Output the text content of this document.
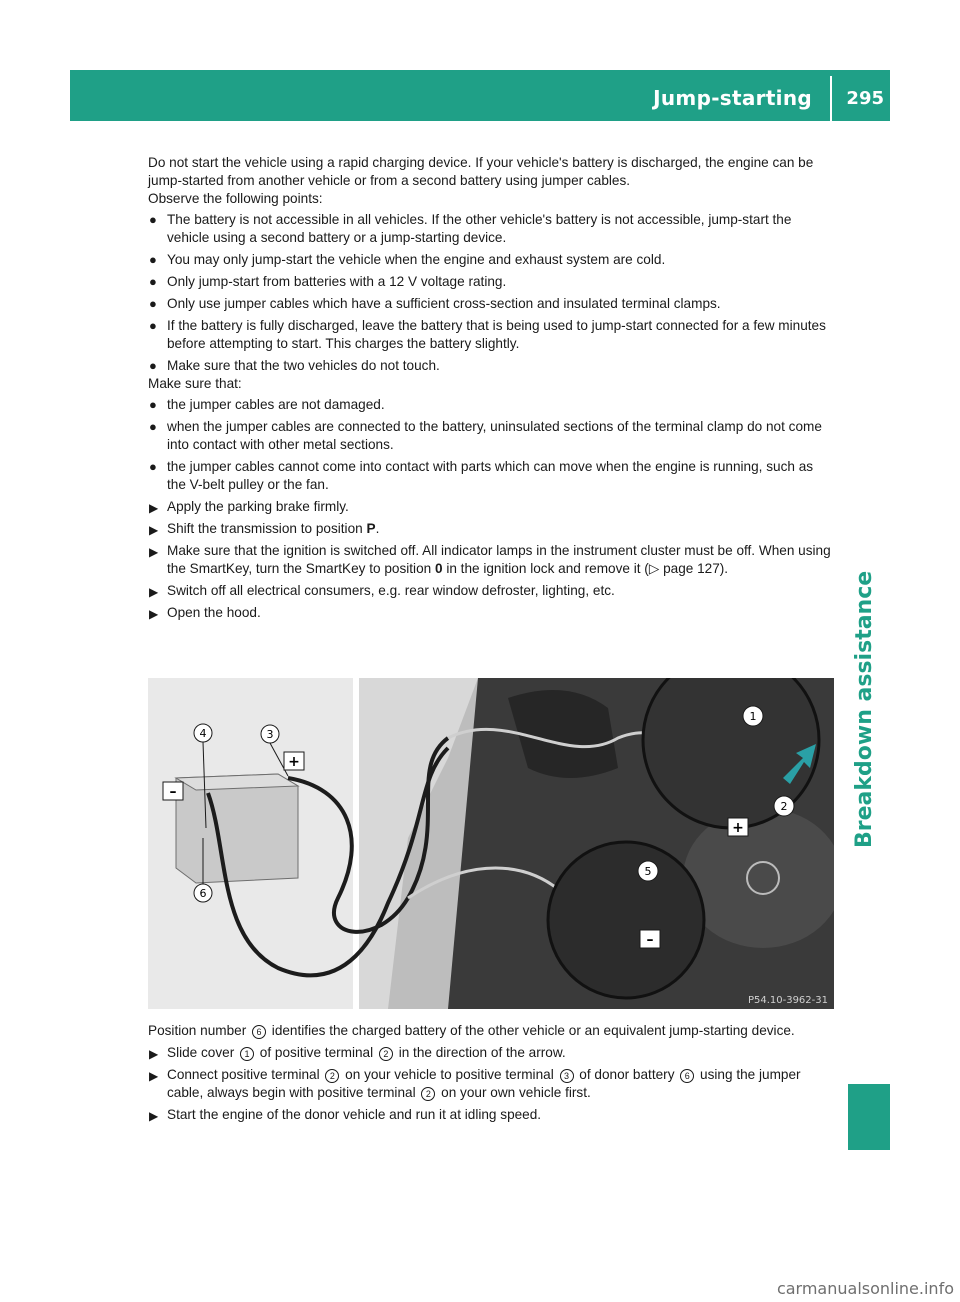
Jump-starting 295
Breakdown assistance

Do not start the vehicle using a rapid charging device. If your vehicle's battery is discharged, the engine can be jump-started from another vehicle or from a second battery using jumper cables.

Observe the following points:

● The battery is not accessible in all vehicles. If the other vehicle's battery is not accessible, jump-start the vehicle using a second battery or a jump-starting device.
● You may only jump-start the vehicle when the engine and exhaust system are cold.
● Only jump-start from batteries with a 12 V voltage rating.
● Only use jumper cables which have a sufficient cross-section and insulated terminal clamps.
● If the battery is fully discharged, leave the battery that is being used to jump-start connected for a few minutes before attempting to start. This charges the battery slightly.
● Make sure that the two vehicles do not touch.

Make sure that:

● the jumper cables are not damaged.
● when the jumper cables are connected to the battery, uninsulated sections of the terminal clamp do not come into contact with other metal sections.
● the jumper cables cannot come into contact with parts which can move when the engine is running, such as the V-belt pulley or the fan.
▶ Apply the parking brake firmly.
▶ Shift the transmission to position P.
▶ Make sure that the ignition is switched off. All indicator lamps in the instrument cluster must be off. When using the SmartKey, turn the SmartKey to position 0 in the ignition lock and remove it (▷ page 127).
▶ Switch off all electrical consumers, e.g. rear window defroster, lighting, etc.
▶ Open the hood.
4	3
6
1
2
5
+
–
+
–
P54.10-3962-31

Position number 6 identifies the charged battery of the other vehicle or an equivalent jump-starting device.

▶ Slide cover 1 of positive terminal 2 in the direction of the arrow.
▶ Connect positive terminal 2 on your vehicle to positive terminal 3 of donor battery 6 using the jumper cable, always begin with positive terminal 2 on your own vehicle first.
▶ Start the engine of the donor vehicle and run it at idling speed.
carmanualsonline.info
